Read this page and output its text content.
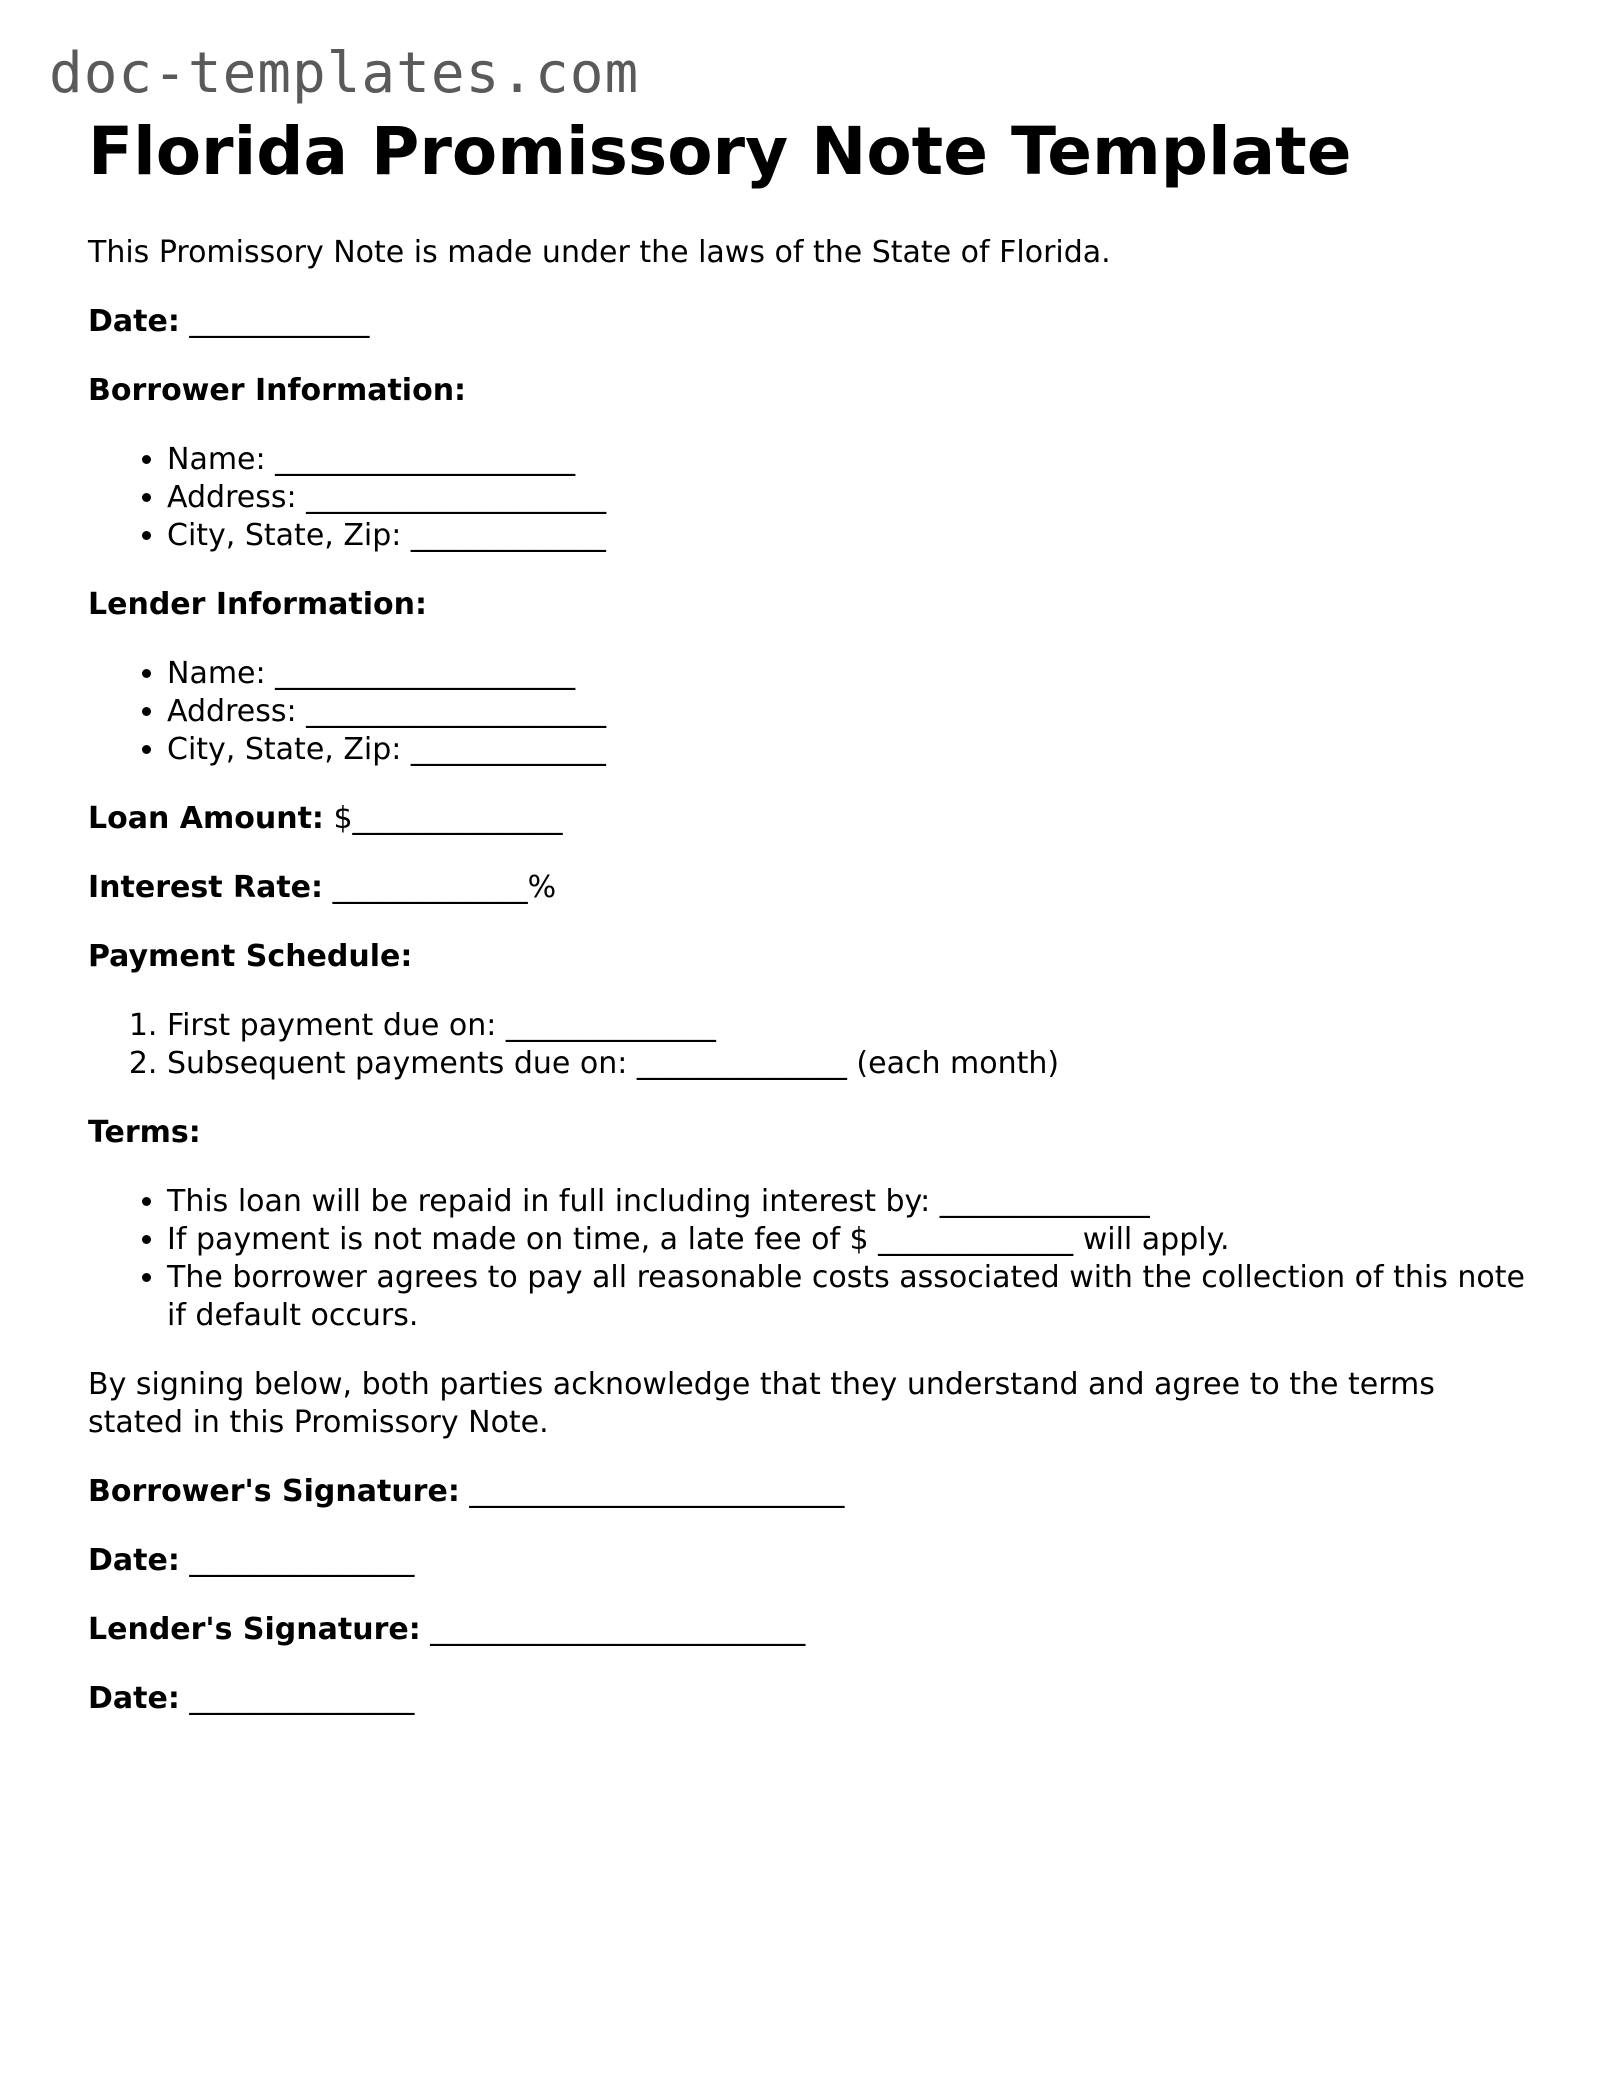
doc-templates.com
Florida Promissory Note Template

This Promissory Note is made under the laws of the State of Florida.

Date: ____________

Borrower Information:

• Name: ____________________
• Address: ____________________
• City, State, Zip: _____________

Lender Information:

• Name: ____________________
• Address: ____________________
• City, State, Zip: _____________

Loan Amount: $______________

Interest Rate: _____________%

Payment Schedule:

1. First payment due on: ______________
2. Subsequent payments due on: ______________ (each month)

Terms:

• This loan will be repaid in full including interest by: ______________
• If payment is not made on time, a late fee of $ _____________ will apply.
• The borrower agrees to pay all reasonable costs associated with the collection of this note if default occurs.

By signing below, both parties acknowledge that they understand and agree to the terms stated in this Promissory Note.

Borrower's Signature: _________________________

Date: _______________

Lender's Signature: _________________________

Date: _______________
